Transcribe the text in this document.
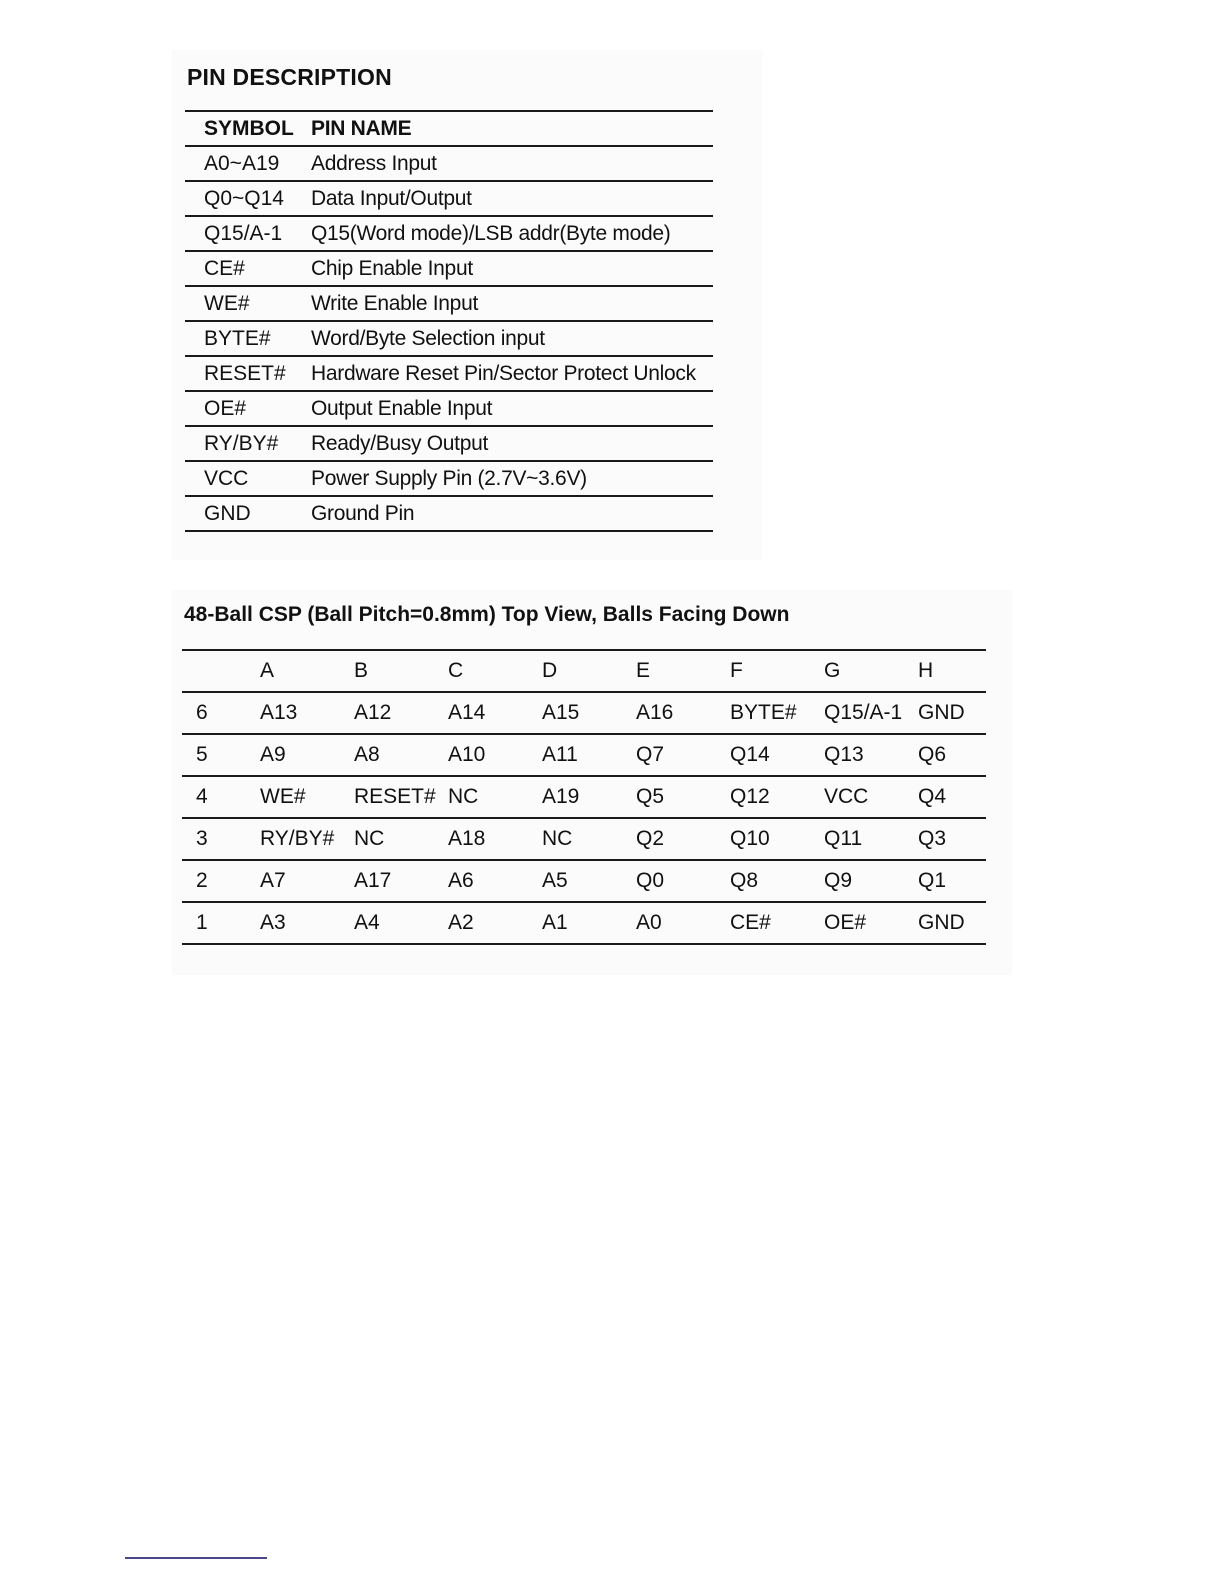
PIN DESCRIPTION
SYMBOL	PIN NAME
A0~A19	Address Input
Q0~Q14	Data Input/Output
Q15/A-1	Q15(Word mode)/LSB addr(Byte mode)
CE#	Chip Enable Input
WE#	Write Enable Input
BYTE#	Word/Byte Selection input
RESET#	Hardware Reset Pin/Sector Protect Unlock
OE#	Output Enable Input
RY/BY#	Ready/Busy Output
VCC	Power Supply Pin (2.7V~3.6V)
GND	Ground Pin
48-Ball CSP (Ball Pitch=0.8mm) Top View, Balls Facing Down
	A	B	C	D	E	F	G	H
6	A13	A12	A14	A15	A16	BYTE#	Q15/A-1	GND
5	A9	A8	A10	A11	Q7	Q14	Q13	Q6
4	WE#	RESET#	NC	A19	Q5	Q12	VCC	Q4
3	RY/BY#	NC	A18	NC	Q2	Q10	Q11	Q3
2	A7	A17	A6	A5	Q0	Q8	Q9	Q1
1	A3	A4	A2	A1	A0	CE#	OE#	GND
